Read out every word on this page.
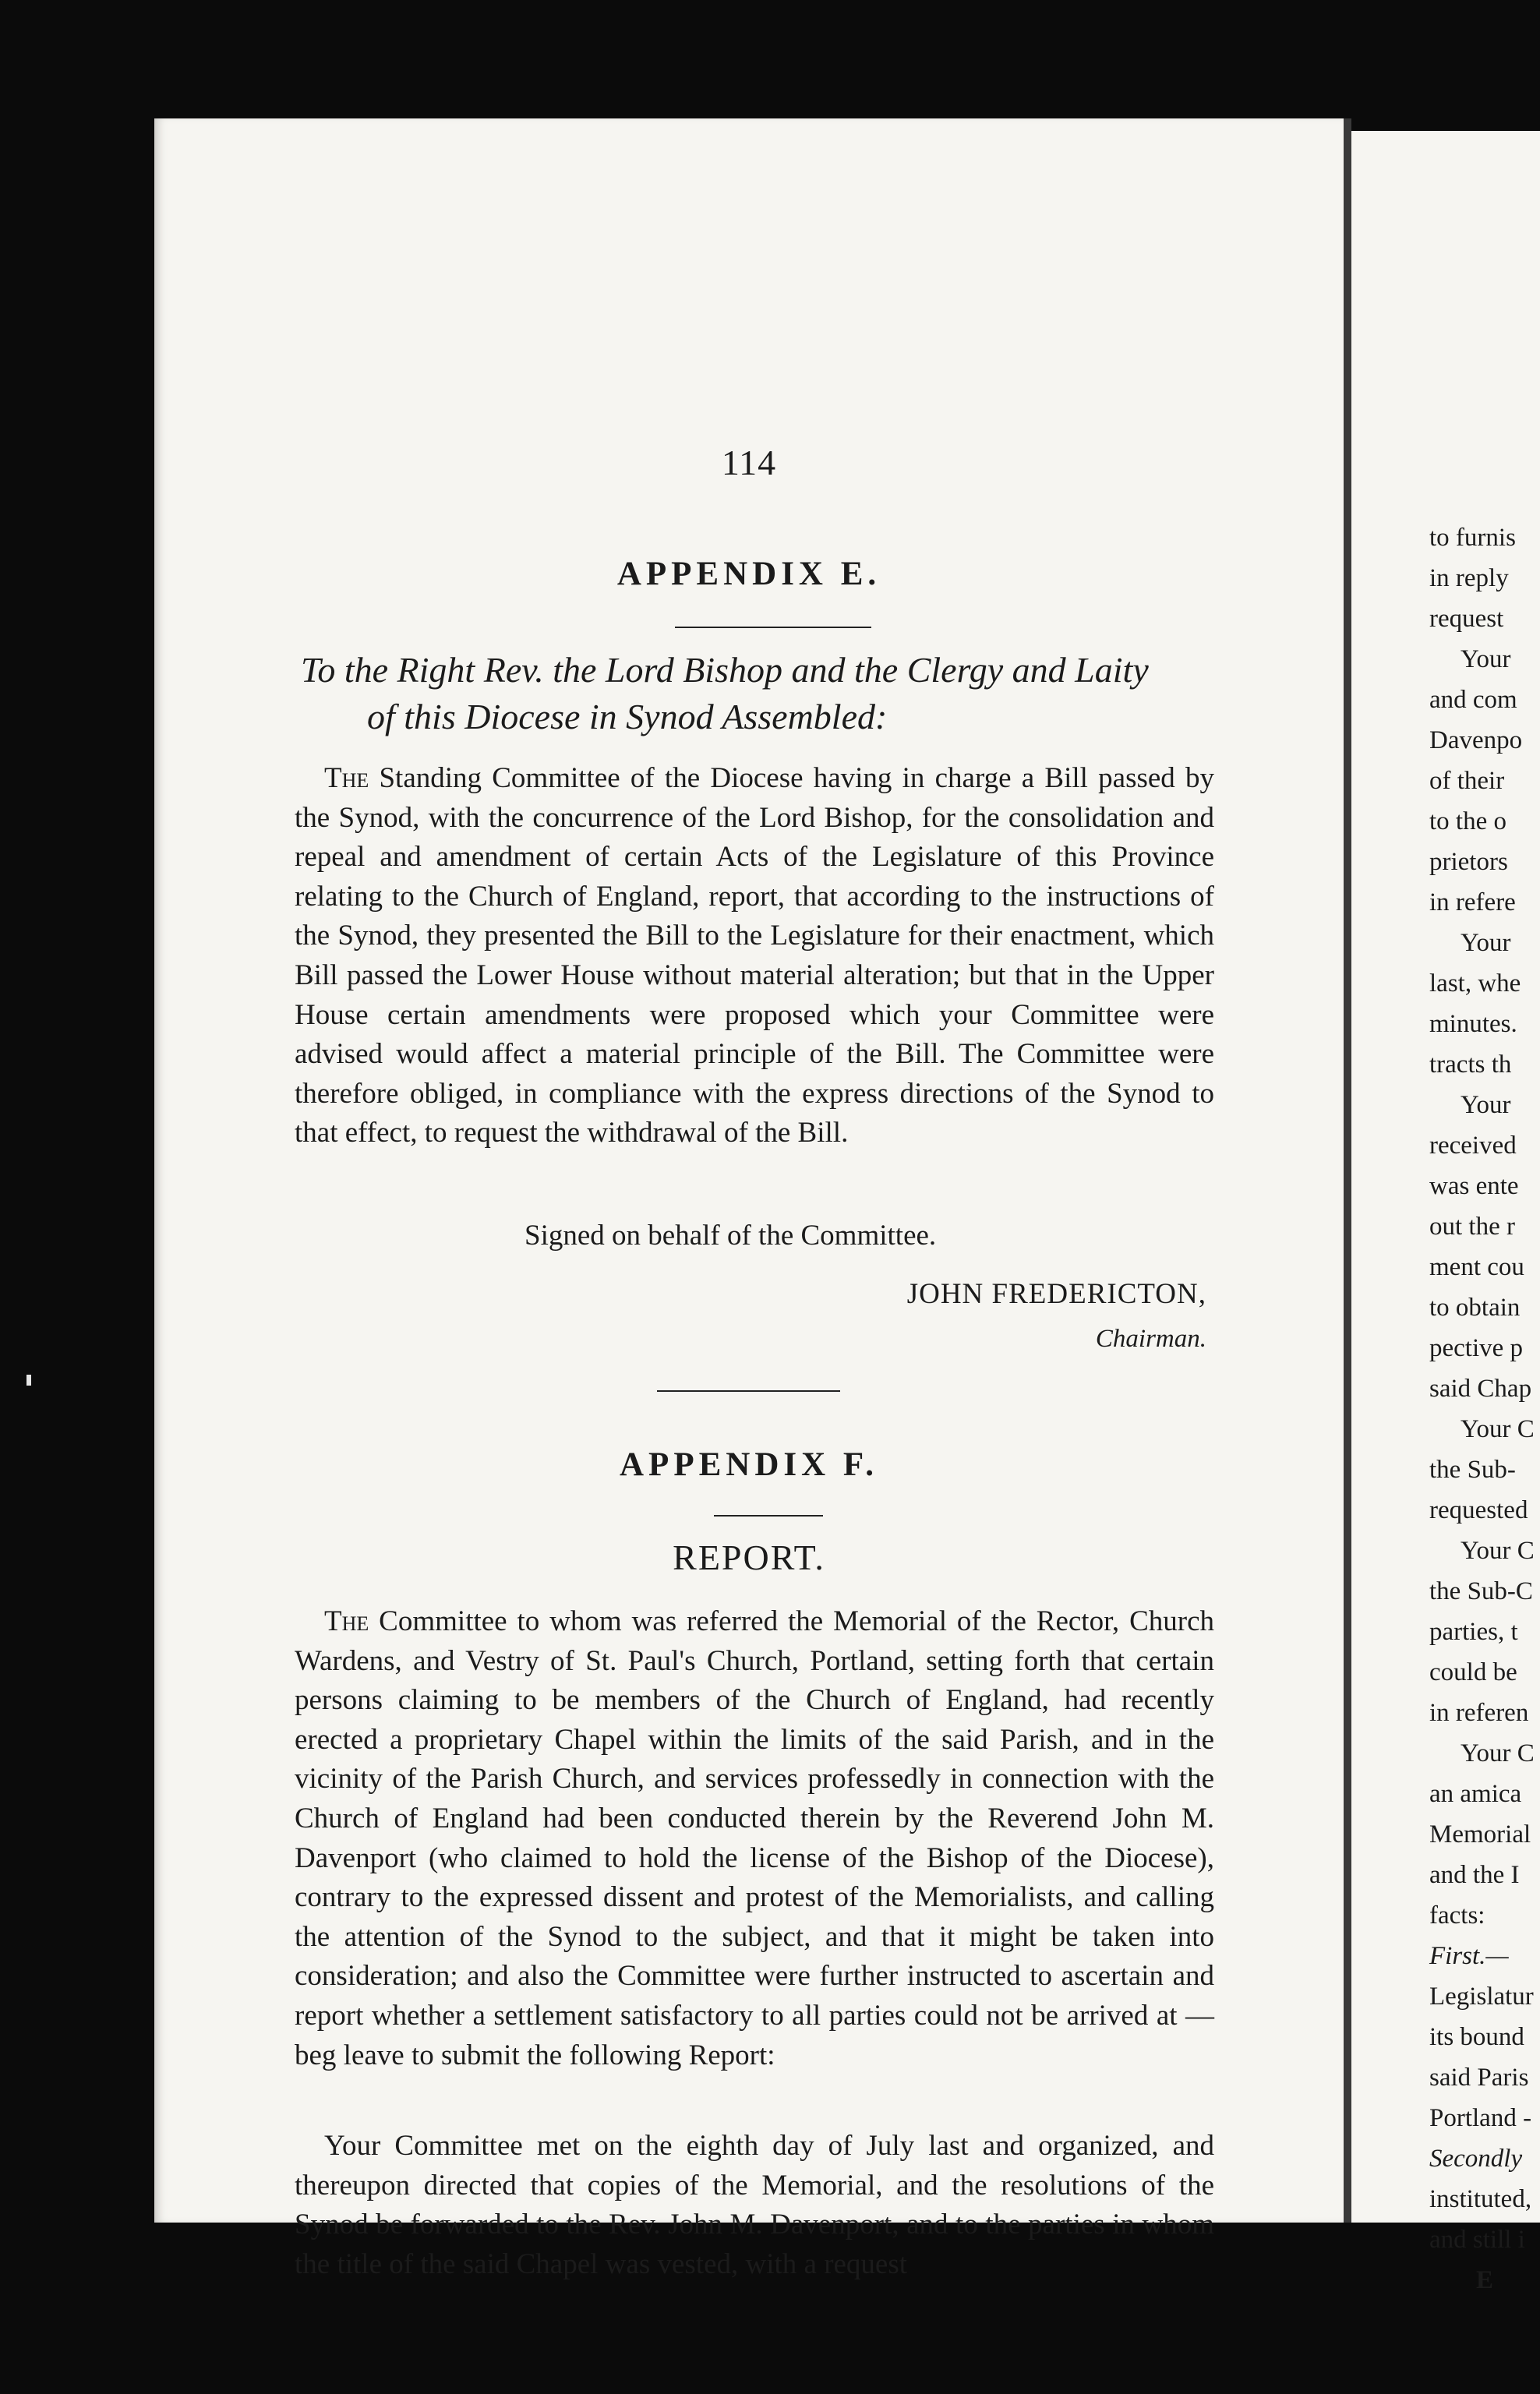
114
APPENDIX E.
To the Right Rev. the Lord Bishop and the Clergy and Laity
of this Diocese in Synod Assembled:
The Standing Committee of the Diocese having in charge a Bill passed by the Synod, with the concurrence of the Lord Bishop, for the consolidation and repeal and amendment of certain Acts of the Legislature of this Province relating to the Church of England, report, that according to the instructions of the Synod, they presented the Bill to the Legislature for their enactment, which Bill passed the Lower House without material alteration; but that in the Upper House certain amendments were proposed which your Committee were advised would affect a material principle of the Bill. The Committee were therefore obliged, in compliance with the express directions of the Synod to that effect, to request the withdrawal of the Bill.
Signed on behalf of the Committee.
JOHN FREDERICTON,
Chairman.
APPENDIX F.
REPORT.
The Committee to whom was referred the Memorial of the Rector, Church Wardens, and Vestry of St. Paul's Church, Portland, setting forth that certain persons claiming to be members of the Church of England, had recently erected a proprietary Chapel within the limits of the said Parish, and in the vicinity of the Parish Church, and services professedly in connection with the Church of England had been conducted therein by the Reverend John M. Davenport (who claimed to hold the license of the Bishop of the Diocese), contrary to the expressed dissent and protest of the Memorialists, and calling the attention of the Synod to the subject, and that it might be taken into consideration; and also the Committee were further instructed to ascertain and report whether a settlement satisfactory to all parties could not be arrived at — beg leave to submit the following Report:
Your Committee met on the eighth day of July last and organized, and thereupon directed that copies of the Memorial, and the resolutions of the Synod be forwarded to the Rev. John M. Davenport, and to the parties in whom the title of the said Chapel was vested, with a request
to furnis
in reply
request
Your
and com
Davenpo
of their
to the o
prietors
in refere
Your
last, whe
minutes.
tracts th
Your
received
was ente
out the r
ment cou
to obtain
pective p
said Chap
Your C
the Sub-
requested
Your C
the Sub-C
parties, t
could be
in referen
Your C
an amica
Memorial
and the I
facts:
First.—
Legislatur
its bound
said Paris
Portland -
Secondly
instituted,
and still i
E
